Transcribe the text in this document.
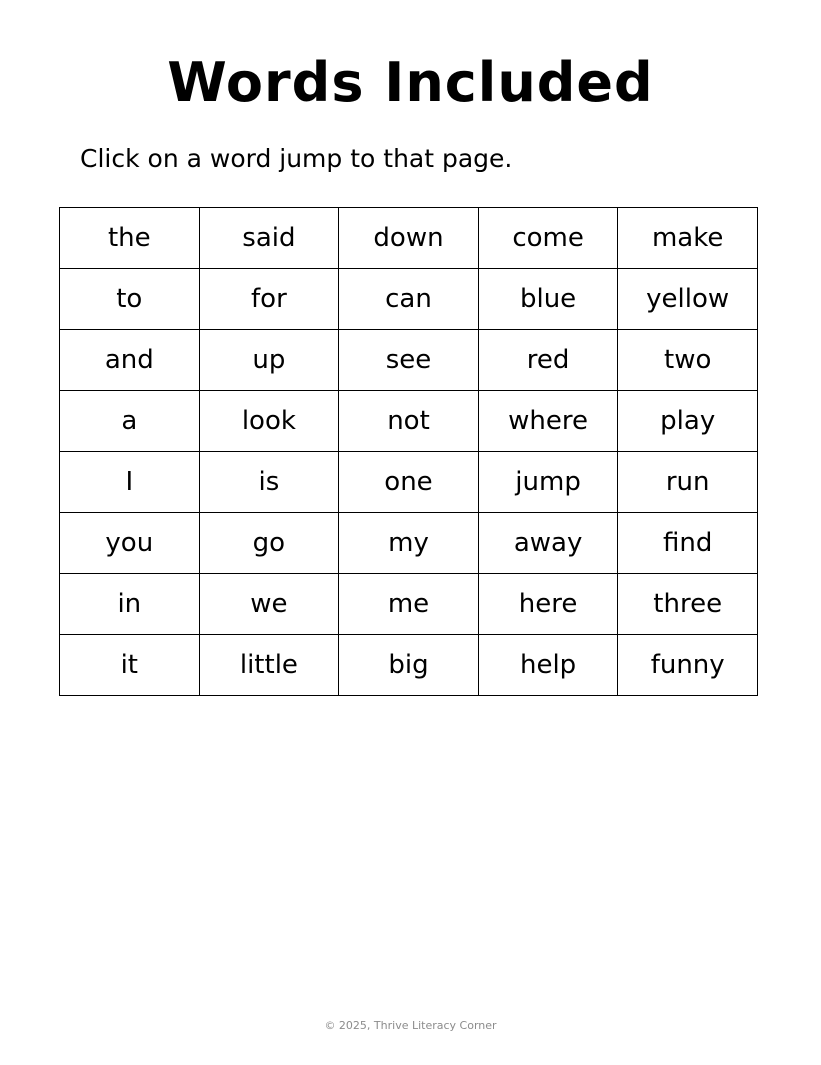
Words Included

Click on a word jump to that page.

the	said	down	come	make
to	for	can	blue	yellow
and	up	see	red	two
a	look	not	where	play
I	is	one	jump	run
you	go	my	away	find
in	we	me	here	three
it	little	big	help	funny
© 2025, Thrive Literacy Corner
